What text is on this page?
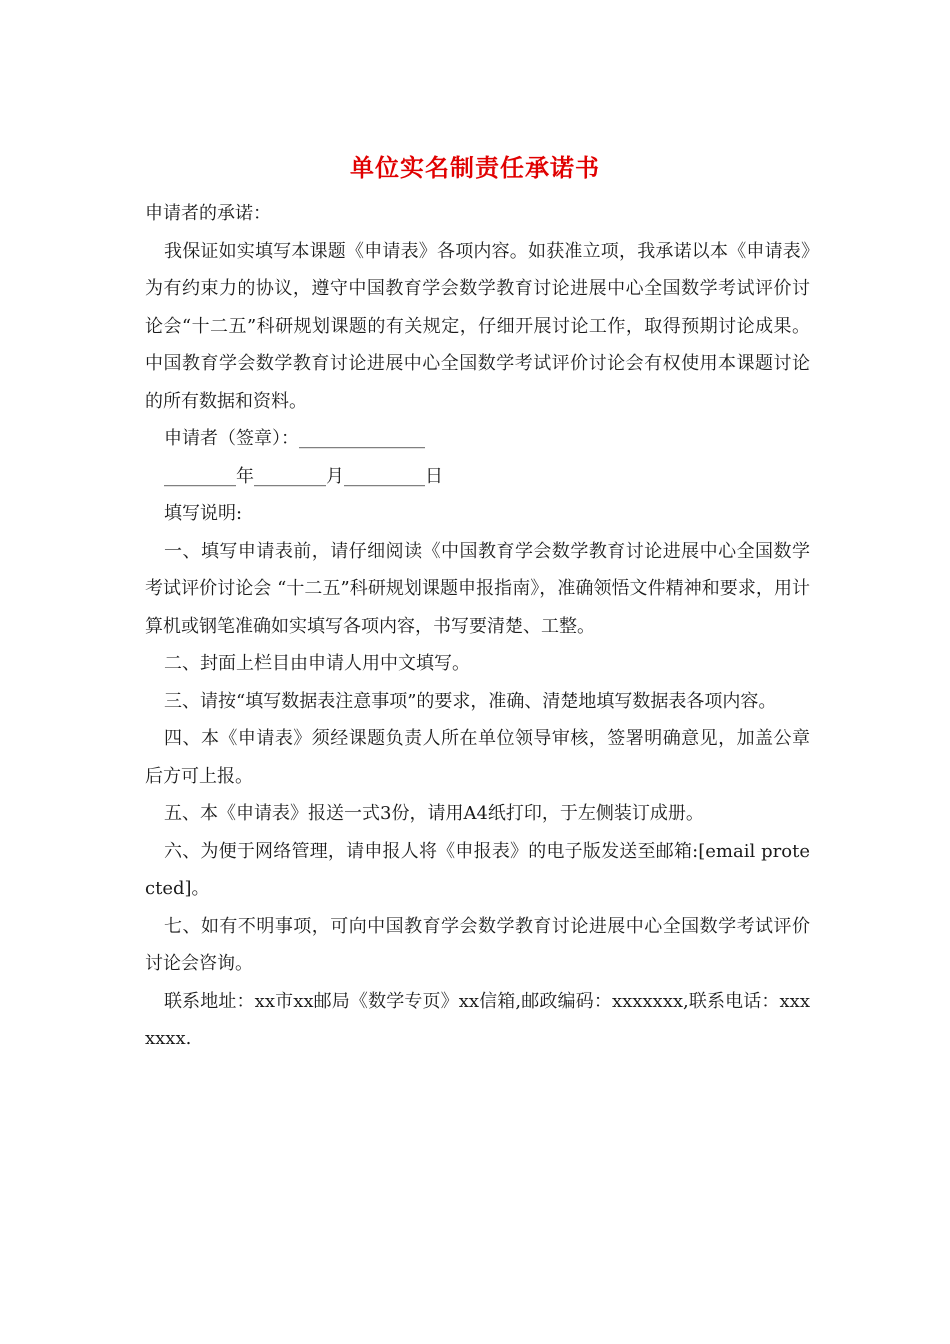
单位实名制责任承诺书

申请者的承诺：

我保证如实填写本课题《申请表》各项内容。如获准立项，我承诺以本《申请表》为有约束力的协议，遵守中国教育学会数学教育讨论进展中心全国数学考试评价讨论会“十二五”科研规划课题的有关规定，仔细开展讨论工作，取得预期讨论成果。中国教育学会数学教育讨论进展中心全国数学考试评价讨论会有权使用本课题讨论的所有数据和资料。

申请者（签章）：______________

________年________月_________日

填写说明:

一、填写申请表前，请仔细阅读《中国教育学会数学教育讨论进展中心全国数学考试评价讨论会 “十二五”科研规划课题申报指南》，准确领悟文件精神和要求，用计算机或钢笔准确如实填写各项内容，书写要清楚、工整。

二、封面上栏目由申请人用中文填写。

三、请按“填写数据表注意事项”的要求，准确、清楚地填写数据表各项内容。

四、本《申请表》须经课题负责人所在单位领导审核，签署明确意见，加盖公章后方可上报。

五、本《申请表》报送一式3份，请用A4纸打印，于左侧装订成册。

六、为便于网络管理，请申报人将《申报表》的电子版发送至邮箱:[email protected]。

七、如有不明事项，可向中国教育学会数学教育讨论进展中心全国数学考试评价讨论会咨询。

联系地址：xx市xx邮局《数学专页》xx信箱,邮政编码：xxxxxxx,联系电话：xxxxxxx.
